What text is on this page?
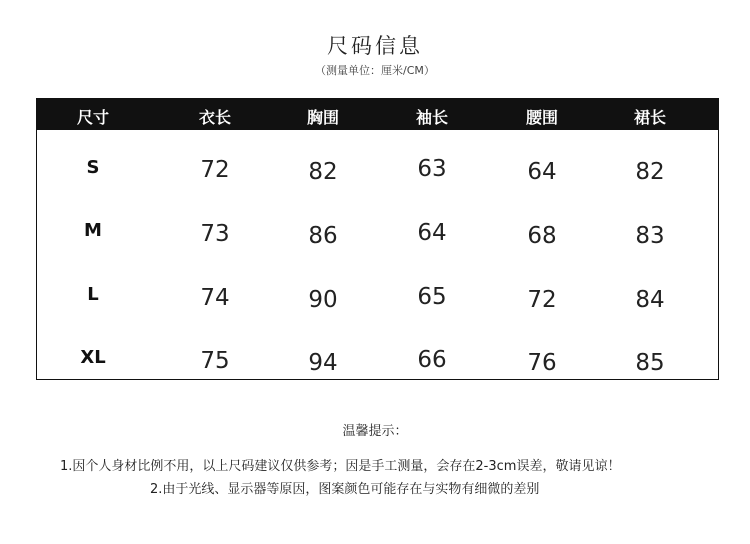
尺码信息
（测量单位：厘米/CM）
尺寸	衣长	胸围	袖长	腰围	裙长
S	72	82	63	64	82
M	73	86	64	68	83
L	74	90	65	72	84
XL	75	94	66	76	85
温馨提示：
1.因个人身材比例不用，以上尺码建议仅供参考；因是手工测量，会存在2-3cm误差，敬请见谅！
2.由于光线、显示器等原因，图案颜色可能存在与实物有细微的差别
